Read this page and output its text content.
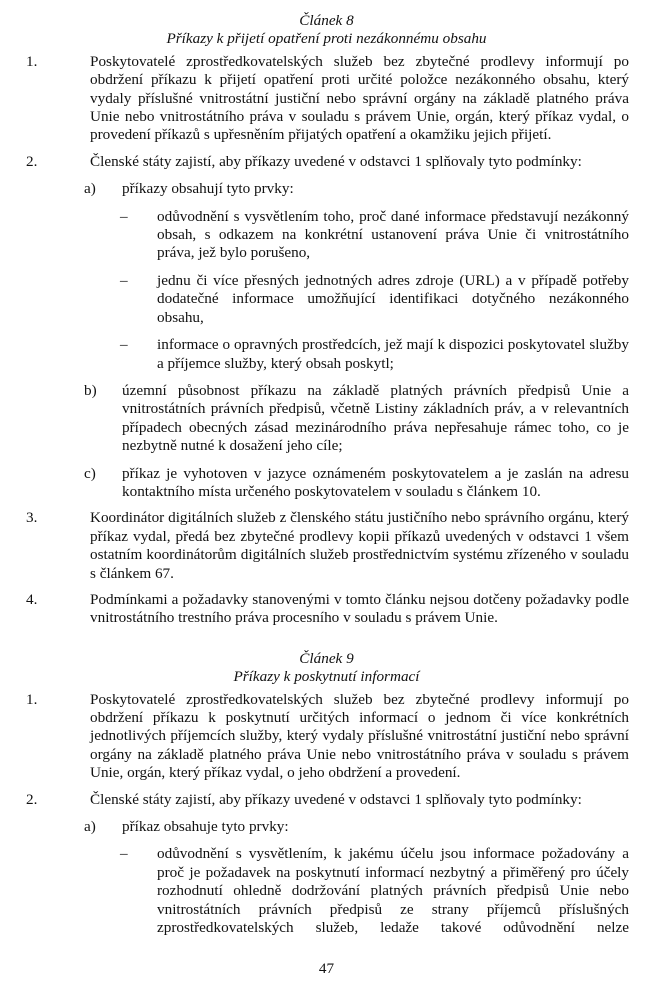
Článek 8

Příkazy k přijetí opatření proti nezákonnému obsahu

1.	Poskytovatelé zprostředkovatelských služeb bez zbytečné prodlevy informují po obdržení příkazu k přijetí opatření proti určité položce nezákonného obsahu, který vydaly příslušné vnitrostátní justiční nebo správní orgány na základě platného práva Unie nebo vnitrostátního práva v souladu s právem Unie, orgán, který příkaz vydal, o provedení příkazů s upřesněním přijatých opatření a okamžiku jejich přijetí.
2.	Členské státy zajistí, aby příkazy uvedené v odstavci 1 splňovaly tyto podmínky:
a) příkazy obsahují tyto prvky:
– odůvodnění s vysvětlením toho, proč dané informace představují nezákonný obsah, s odkazem na konkrétní ustanovení práva Unie či vnitrostátního práva, jež bylo porušeno,
– jednu či více přesných jednotných adres zdroje (URL) a v případě potřeby dodatečné informace umožňující identifikaci dotyčného nezákonného obsahu,
– informace o opravných prostředcích, jež mají k dispozici poskytovatel služby a příjemce služby, který obsah poskytl;
b) územní působnost příkazu na základě platných právních předpisů Unie a vnitrostátních právních předpisů, včetně Listiny základních práv, a v relevantních případech obecných zásad mezinárodního práva nepřesahuje rámec toho, co je nezbytně nutné k dosažení jeho cíle;
c) příkaz je vyhotoven v jazyce oznámeném poskytovatelem a je zaslán na adresu kontaktního místa určeného poskytovatelem v souladu s článkem 10.
3.	Koordinátor digitálních služeb z členského státu justičního nebo správního orgánu, který příkaz vydal, předá bez zbytečné prodlevy kopii příkazů uvedených v odstavci 1 všem ostatním koordinátorům digitálních služeb prostřednictvím systému zřízeného v souladu s článkem 67.
4.	Podmínkami a požadavky stanovenými v tomto článku nejsou dotčeny požadavky podle vnitrostátního trestního práva procesního v souladu s právem Unie.

Článek 9

Příkazy k poskytnutí informací

1.	Poskytovatelé zprostředkovatelských služeb bez zbytečné prodlevy informují po obdržení příkazu k poskytnutí určitých informací o jednom či více konkrétních jednotlivých příjemcích služby, který vydaly příslušné vnitrostátní justiční nebo správní orgány na základě platného práva Unie nebo vnitrostátního práva v souladu s právem Unie, orgán, který příkaz vydal, o jeho obdržení a provedení.
2.	Členské státy zajistí, aby příkazy uvedené v odstavci 1 splňovaly tyto podmínky:
a) příkaz obsahuje tyto prvky:
– odůvodnění s vysvětlením, k jakému účelu jsou informace požadovány a proč je požadavek na poskytnutí informací nezbytný a přiměřený pro účely rozhodnutí ohledně dodržování platných právních předpisů Unie nebo vnitrostátních právních předpisů ze strany příjemců příslušných zprostředkovatelských služeb, ledaže takové odůvodnění nelze
47
